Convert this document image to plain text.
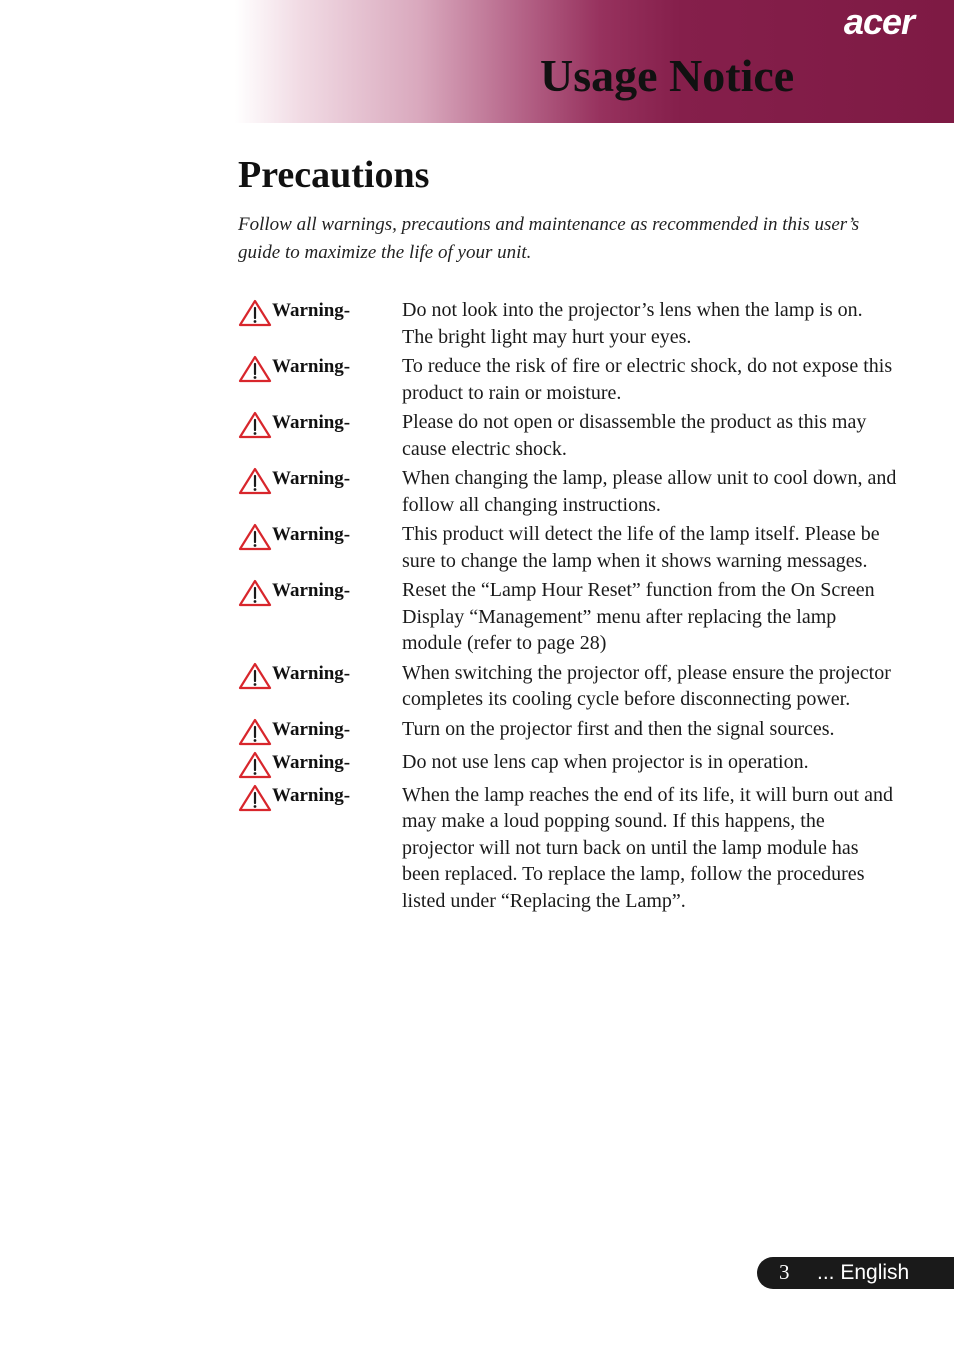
acer
Usage Notice
Precautions

Follow all warnings, precautions and maintenance as recommended in this user’s guide to maximize the life of your unit.

Warning-	Do not look into the projector’s lens when the lamp is on. The bright light may hurt your eyes.
Warning-	To reduce the risk of fire or electric shock, do not expose this product to rain or moisture.
Warning-	Please do not open or disassemble the product as this may cause electric shock.
Warning-	When changing the lamp, please allow unit to cool down, and follow all changing instructions.
Warning-	This product will detect the life of the lamp itself. Please be sure to change the lamp when it shows warning messages.
Warning-	Reset the “Lamp Hour Reset” function from the On Screen Display “Management” menu after replacing the lamp module (refer to page 28)
Warning-	When switching the projector off, please ensure the projector completes its cooling cycle before disconnecting power.
Warning-	Turn on the projector first and then the signal sources.
Warning-	Do not use lens cap when projector is in operation.
Warning-	When the lamp reaches the end of its life, it will burn out and may make a loud popping sound. If this happens, the projector will not turn back on until the lamp module has been replaced. To replace the lamp, follow the procedures listed under “Replacing the Lamp”.
3 ... English
